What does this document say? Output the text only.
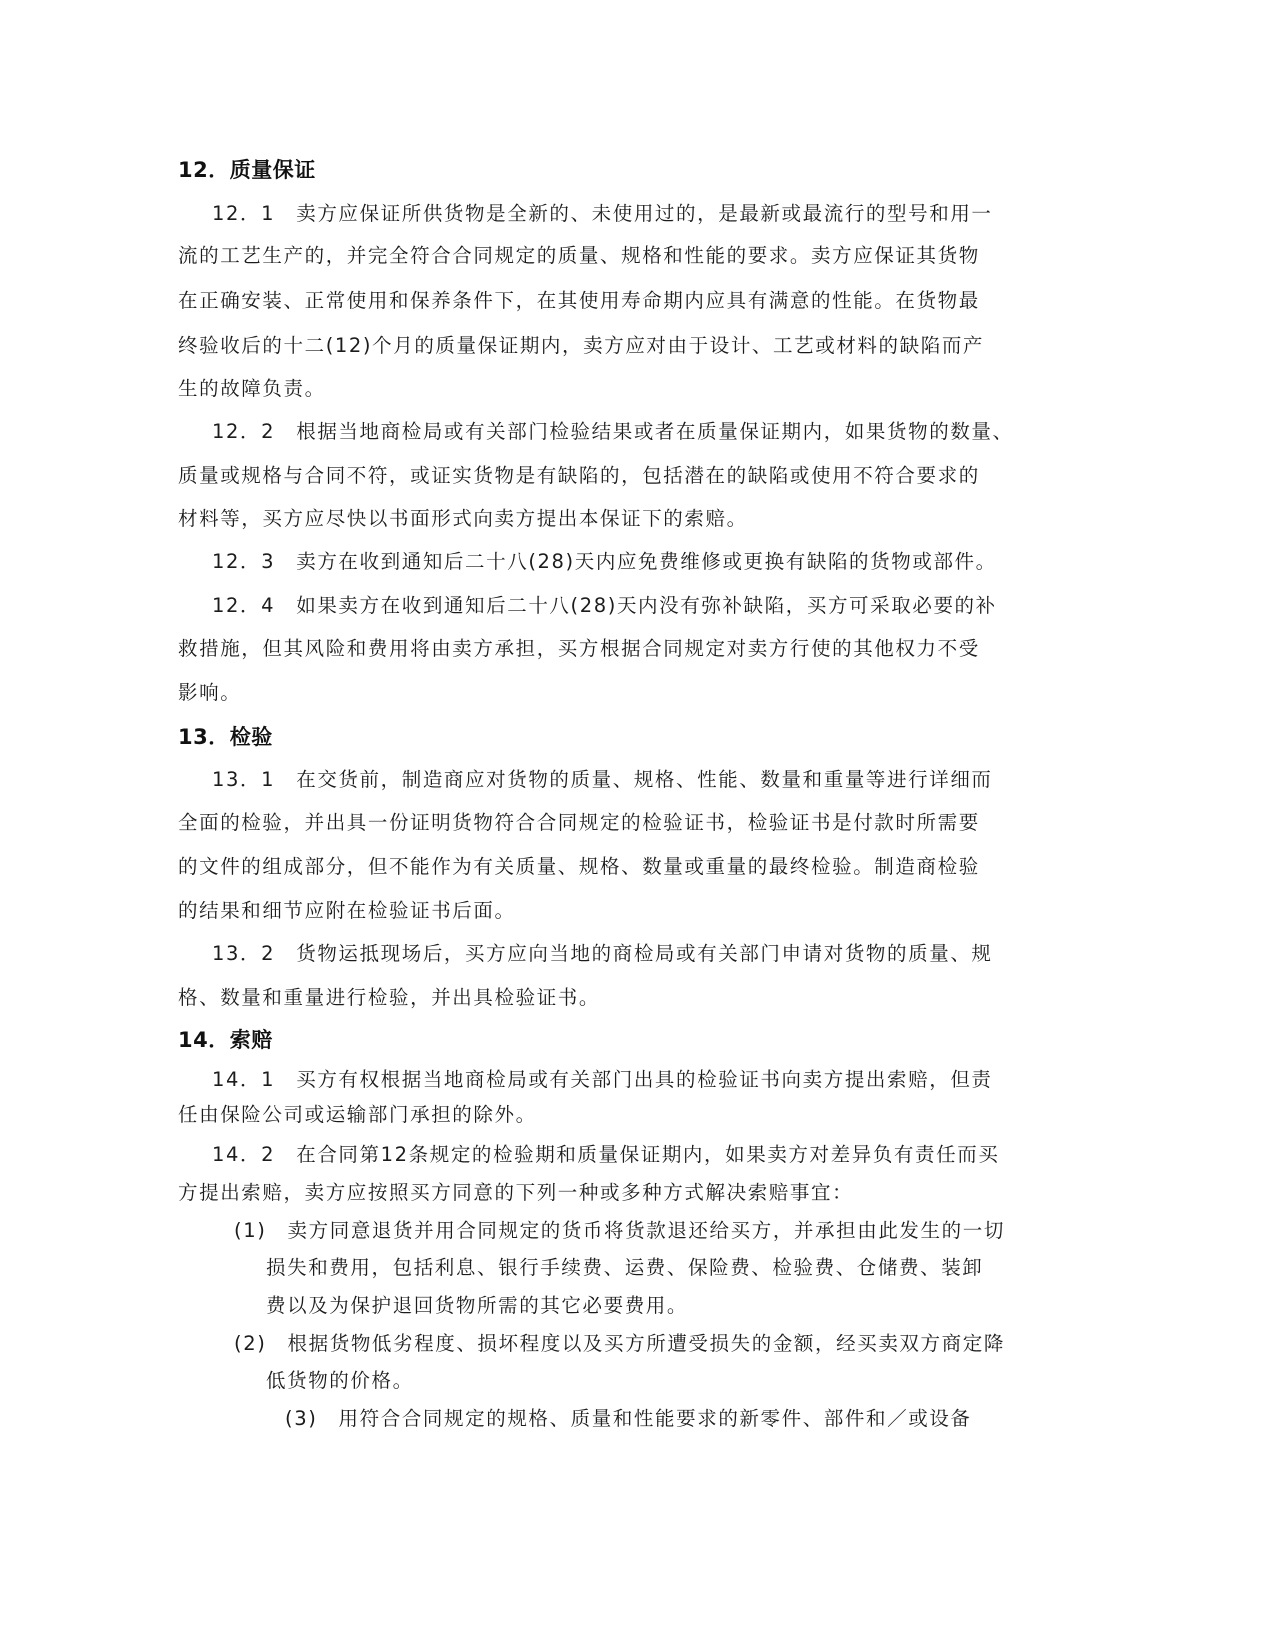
12．质量保证
12．1　卖方应保证所供货物是全新的、未使用过的，是最新或最流行的型号和用一
流的工艺生产的，并完全符合合同规定的质量、规格和性能的要求。卖方应保证其货物
在正确安装、正常使用和保养条件下，在其使用寿命期内应具有满意的性能。在货物最
终验收后的十二(12)个月的质量保证期内，卖方应对由于设计、工艺或材料的缺陷而产
生的故障负责。
12．2　根据当地商检局或有关部门检验结果或者在质量保证期内，如果货物的数量、
质量或规格与合同不符，或证实货物是有缺陷的，包括潜在的缺陷或使用不符合要求的
材料等，买方应尽快以书面形式向卖方提出本保证下的索赔。
12．3　卖方在收到通知后二十八(28)天内应免费维修或更换有缺陷的货物或部件。
12．4　如果卖方在收到通知后二十八(28)天内没有弥补缺陷，买方可采取必要的补
救措施，但其风险和费用将由卖方承担，买方根据合同规定对卖方行使的其他权力不受
影响。
13．检验
13．1　在交货前，制造商应对货物的质量、规格、性能、数量和重量等进行详细而
全面的检验，并出具一份证明货物符合合同规定的检验证书，检验证书是付款时所需要
的文件的组成部分，但不能作为有关质量、规格、数量或重量的最终检验。制造商检验
的结果和细节应附在检验证书后面。
13．2　货物运抵现场后，买方应向当地的商检局或有关部门申请对货物的质量、规
格、数量和重量进行检验，并出具检验证书。
14．索赔
14．1　买方有权根据当地商检局或有关部门出具的检验证书向卖方提出索赔，但责
任由保险公司或运输部门承担的除外。
14．2　在合同第12条规定的检验期和质量保证期内，如果卖方对差异负有责任而买
方提出索赔，卖方应按照买方同意的下列一种或多种方式解决索赔事宜：
(1)　卖方同意退货并用合同规定的货币将货款退还给买方，并承担由此发生的一切
损失和费用，包括利息、银行手续费、运费、保险费、检验费、仓储费、装卸
费以及为保护退回货物所需的其它必要费用。
(2)　根据货物低劣程度、损坏程度以及买方所遭受损失的金额，经买卖双方商定降
低货物的价格。
(3)　用符合合同规定的规格、质量和性能要求的新零件、部件和／或设备
